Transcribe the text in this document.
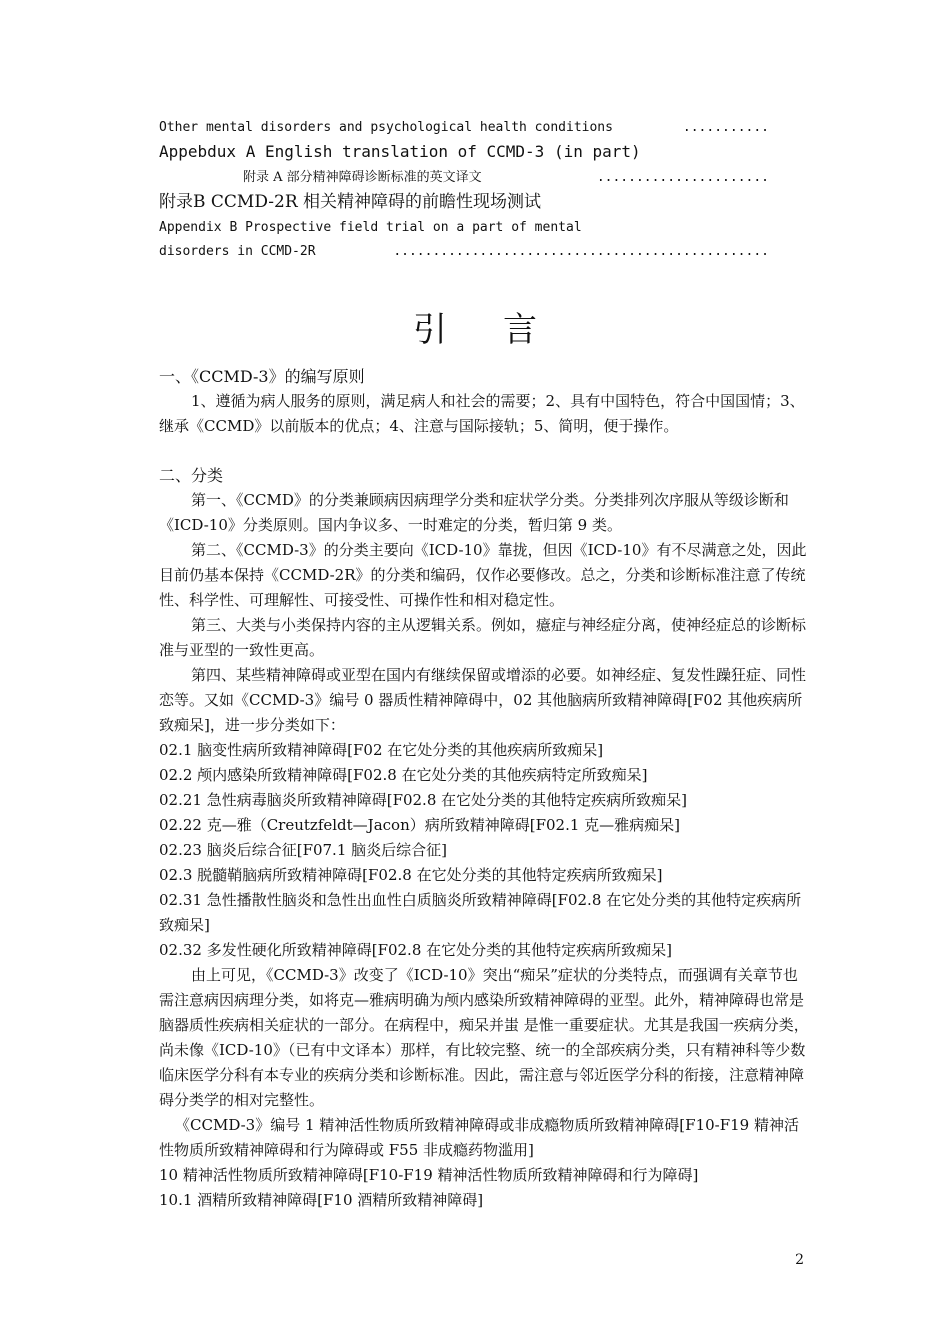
Other mental disorders and psychological health conditions	...........
Appebdux A English translation of CCMD-3 (in part)
附录 A 部分精神障碍诊断标准的英文译文	......................
附录B CCMD-2R 相关精神障碍的前瞻性现场测试
Appendix B Prospective field trial on a part of mental
disorders in CCMD-2R	................................................
引言

一、《CCMD-3》的编写原则

1、遵循为病人服务的原则，满足病人和社会的需要；2、具有中国特色，符合中国国情；3、继承《CCMD》以前版本的优点；4、注意与国际接轨；5、简明，便于操作。

二、分类

第一、《CCMD》的分类兼顾病因病理学分类和症状学分类。分类排列次序服从等级诊断和《ICD-10》分类原则。国内争议多、一时难定的分类，暂归第 9 类。

第二、《CCMD-3》的分类主要向《ICD-10》靠拢，但因《ICD-10》有不尽满意之处，因此目前仍基本保持《CCMD-2R》的分类和编码，仅作必要修改。总之，分类和诊断标准注意了传统性、科学性、可理解性、可接受性、可操作性和相对稳定性。

第三、大类与小类保持内容的主从逻辑关系。例如，癔症与神经症分离，使神经症总的诊断标准与亚型的一致性更高。

第四、某些精神障碍或亚型在国内有继续保留或增添的必要。如神经症、复发性躁狂症、同性恋等。又如《CCMD-3》编号 0 器质性精神障碍中，02 其他脑病所致精神障碍[F02 其他疾病所致痴呆]，进一步分类如下：

02.1 脑变性病所致精神障碍[F02 在它处分类的其他疾病所致痴呆]

02.2 颅内感染所致精神障碍[F02.8 在它处分类的其他疾病特定所致痴呆]

02.21 急性病毒脑炎所致精神障碍[F02.8 在它处分类的其他特定疾病所致痴呆]

02.22 克—雅（Creutzfeldt—Jacon）病所致精神障碍[F02.1 克—雅病痴呆]

02.23 脑炎后综合征[F07.1 脑炎后综合征]

02.3 脱髓鞘脑病所致精神障碍[F02.8 在它处分类的其他特定疾病所致痴呆]

02.31 急性播散性脑炎和急性出血性白质脑炎所致精神障碍[F02.8 在它处分类的其他特定疾病所致痴呆]

02.32 多发性硬化所致精神障碍[F02.8 在它处分类的其他特定疾病所致痴呆]

由上可见，《CCMD-3》改变了《ICD-10》突出“痴呆”症状的分类特点，而强调有关章节也需注意病因病理分类，如将克—雅病明确为颅内感染所致精神障碍的亚型。此外，精神障碍也常是脑器质性疾病相关症状的一部分。在病程中，痴呆并蚩 是惟一重要症状。尤其是我国一疾病分类，尚未像《ICD-10》（已有中文译本）那样，有比较完整、统一的全部疾病分类，只有精神科等少数临床医学分科有本专业的疾病分类和诊断标准。因此，需注意与邻近医学分科的衔接，注意精神障碍分类学的相对完整性。

《CCMD-3》编号 1 精神活性物质所致精神障碍或非成瘾物质所致精神障碍[F10-F19 精神活性物质所致精神障碍和行为障碍或 F55 非成瘾药物滥用]

10 精神活性物质所致精神障碍[F10-F19 精神活性物质所致精神障碍和行为障碍]

10.1 酒精所致精神障碍[F10 酒精所致精神障碍]

2
